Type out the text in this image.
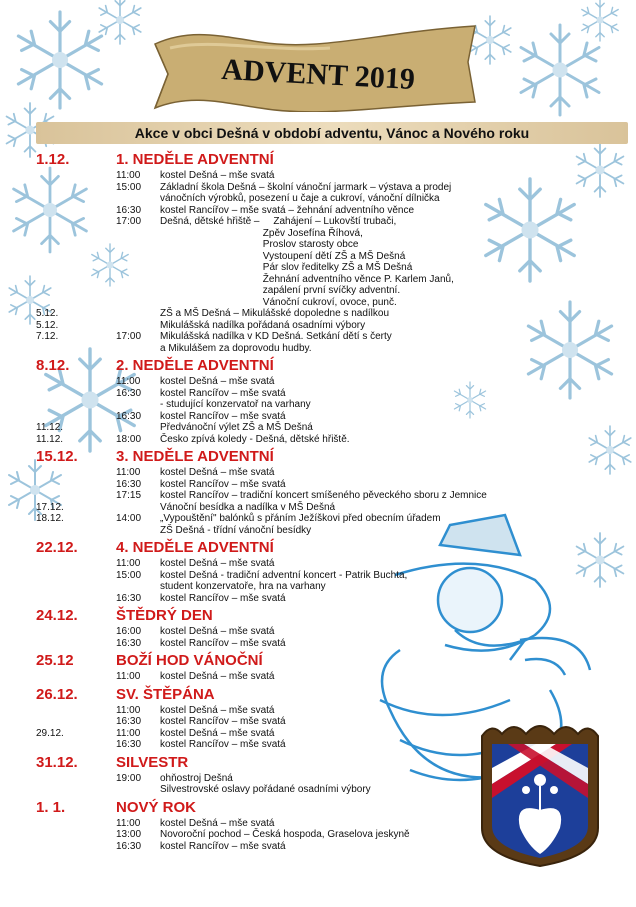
ADVENT 2019
Akce v obci Dešná v období adventu, Vánoc a Nového roku
1.12.	1. NEDĚLE ADVENTNÍ
11:00 kostel Dešná – mše svatá
15:00 Základní škola Dešná – školní vánoční jarmark – výstava a prodej
vánočních výrobků, posezení u čaje a cukroví, vánoční dílnička
16:30 kostel Rancířov – mše svatá – žehnání adventního věnce
17:00 Dešná, dětské hřiště –     Zahájení – Lukovští trubači,
Zpěv Josefína Říhová,
Proslov starosty obce
Vystoupení dětí ZŠ a MŠ Dešná
Pár slov ředitelky ZŠ a MŠ Dešná
Žehnání adventního věnce P. Karlem Janů,
zapálení první svíčky adventní.
Vánoční cukroví, ovoce, punč.
5.12.	ZŠ a MŠ Dešná – Mikulášské dopoledne s nadílkou
5.12.	Mikulášská nadílka pořádaná osadními výbory
7.12.	17:00 Mikulášská nadílka v KD Dešná. Setkání dětí s čerty
a Mikulášem za doprovodu hudby.
8.12.	2. NEDĚLE ADVENTNÍ
11:00 kostel Dešná – mše svatá
16:30 kostel Rancířov – mše svatá
- studující konzervatoř na varhany
16:30 kostel Rancířov – mše svatá
11.12.	Předvánoční výlet ZŠ a MŠ Dešná
11.12.	18:00 Česko zpívá koledy - Dešná, dětské hřiště.
15.12.	3. NEDĚLE ADVENTNÍ
11:00 kostel Dešná – mše svatá
16:30 kostel Rancířov – mše svatá
17:15 kostel Rancířov – tradiční koncert smíšeného pěveckého sboru z Jemnice
17.12.	Vánoční besídka a nadílka v MŠ Dešná
18.12.	14:00 „Vypouštění" balónků s přáním Ježíškovi před obecním úřadem
ZŠ Dešná - třídní vánoční besídky
22.12.	4. NEDĚLE ADVENTNÍ
11:00 kostel Dešná – mše svatá
15:00 kostel Dešná - tradiční adventní koncert - Patrik Buchta,
student konzervatoře, hra na varhany
16:30 kostel Rancířov – mše svatá
24.12.	ŠTĚDRÝ DEN
16:00 kostel Dešná – mše svatá
16:30 kostel Rancířov – mše svatá
25.12	BOŽÍ HOD VÁNOČNÍ
11:00 kostel Dešná – mše svatá
26.12.	SV. ŠTĚPÁNA
11:00 kostel Dešná – mše svatá
16:30 kostel Rancířov – mše svatá
29.12.	11:00 kostel Dešná – mše svatá
16:30 kostel Rancířov – mše svatá
31.12.	SILVESTR
19:00 ohňostroj Dešná
Silvestrovské oslavy pořádané osadními výbory
1. 1.	NOVÝ ROK
11:00 kostel Dešná – mše svatá
13:00 Novoroční pochod – Česká hospoda, Graselova jeskyně
16:30 kostel Rancířov – mše svatá
